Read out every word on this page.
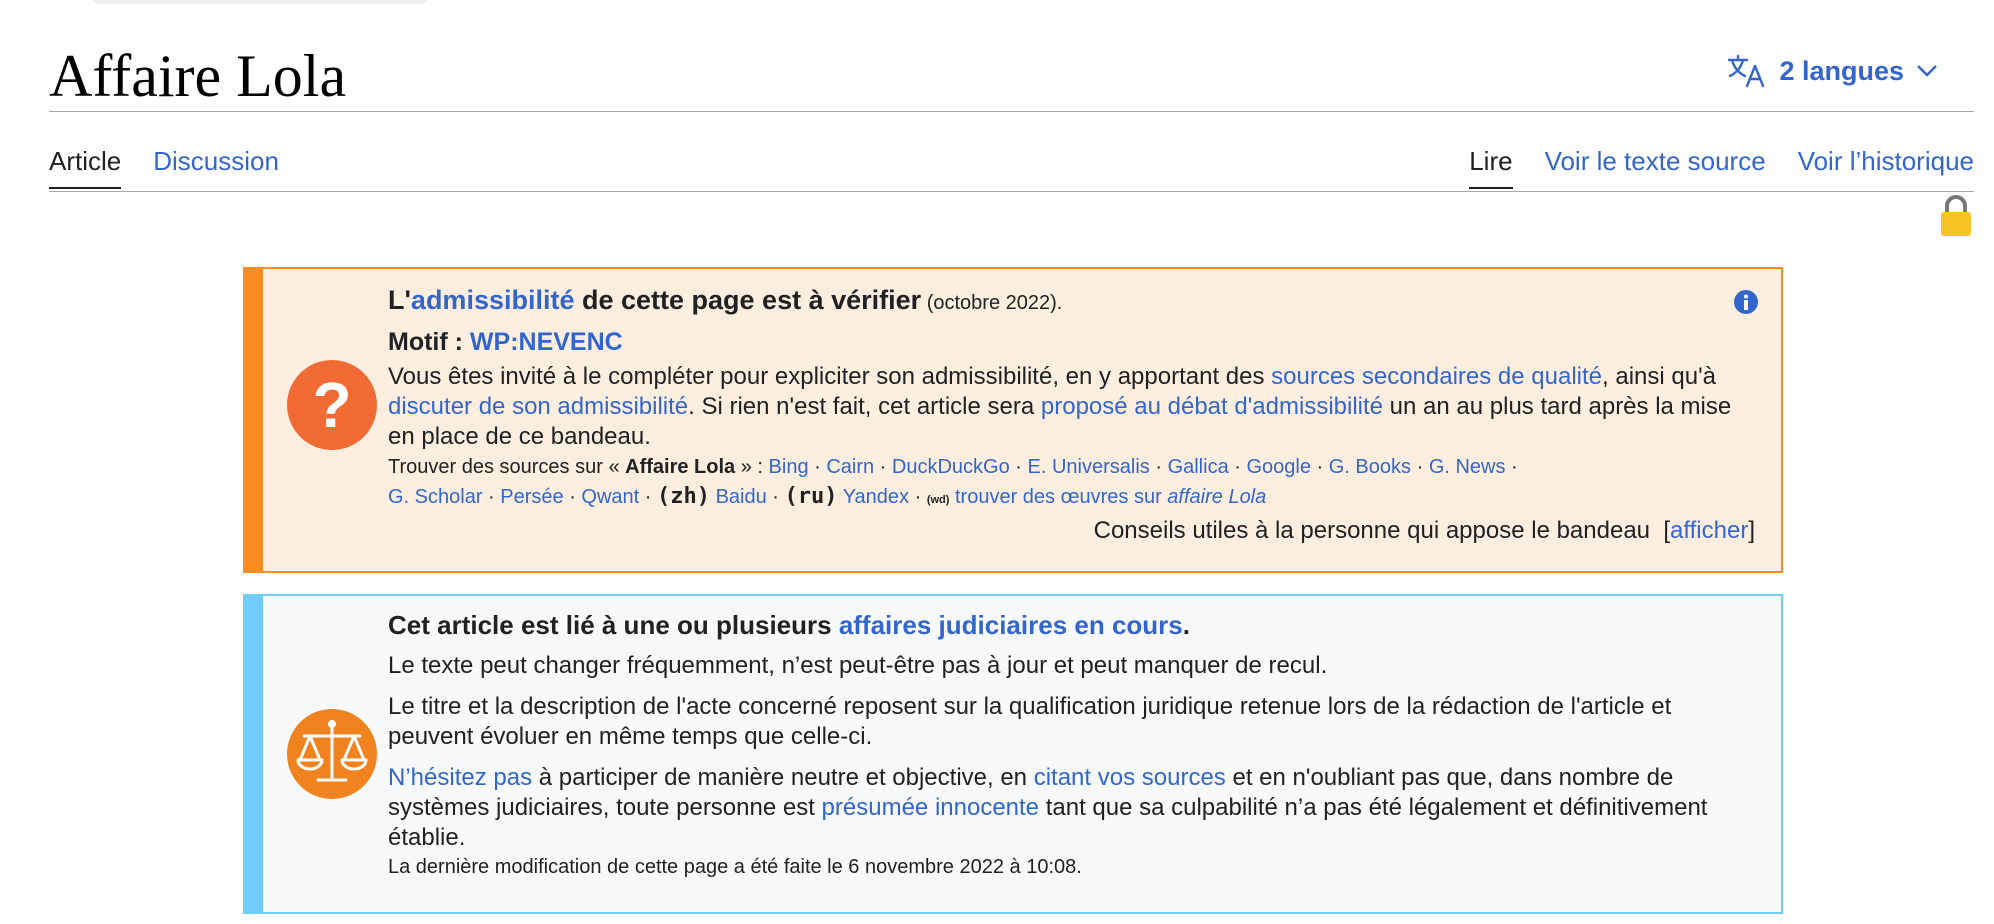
Affaire Lola	2 langues
Article Discussion	Lire Voir le texte source Voir l’historique
?

L'admissibilité de cette page est à vérifier (octobre 2022).

Motif : WP:NEVENC

Vous êtes invité à le compléter pour expliciter son admissibilité, en y apportant des sources secondaires de qualité, ainsi qu'à discuter de son admissibilité. Si rien n'est fait, cet article sera proposé au débat d'admissibilité un an au plus tard après la mise en place de ce bandeau.

Trouver des sources sur « Affaire Lola » : Bing · Cairn · DuckDuckGo · E. Universalis · Gallica · Google · G. Books · G. News ·
G. Scholar · Persée · Qwant · (zh) Baidu · (ru) Yandex · (wd) trouver des œuvres sur affaire Lola

Conseils utiles à la personne qui appose le bandeau [afficher]

Cet article est lié à une ou plusieurs affaires judiciaires en cours.

Le texte peut changer fréquemment, n’est peut-être pas à jour et peut manquer de recul.

Le titre et la description de l'acte concerné reposent sur la qualification juridique retenue lors de la rédaction de l'article et peuvent évoluer en même temps que celle-ci.

N’hésitez pas à participer de manière neutre et objective, en citant vos sources et en n'oubliant pas que, dans nombre de systèmes judiciaires, toute personne est présumée innocente tant que sa culpabilité n’a pas été légalement et définitivement établie.

La dernière modification de cette page a été faite le 6 novembre 2022 à 10:08.
